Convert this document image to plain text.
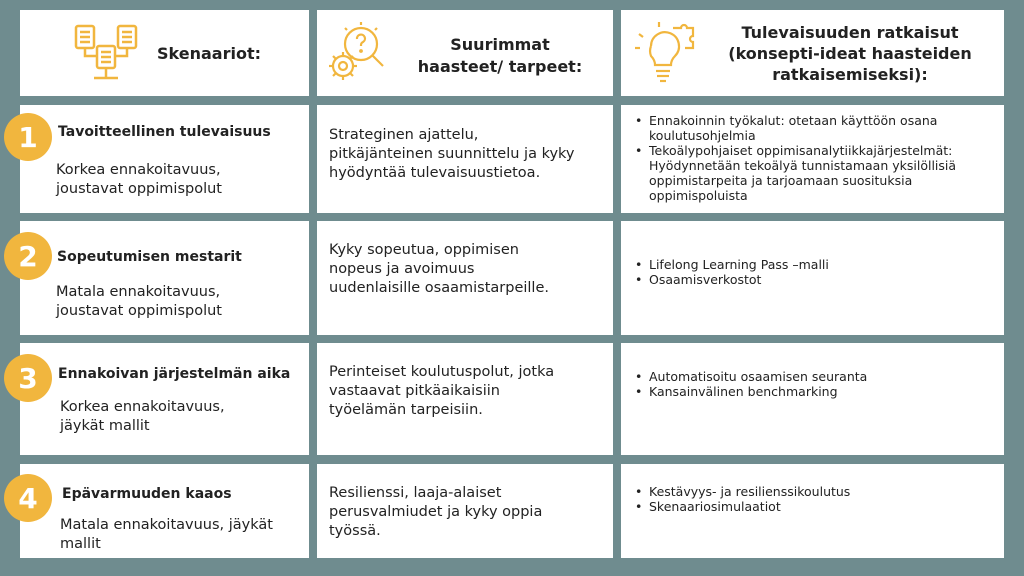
Skenaariot:	Suurimmat
haasteet/ tarpeet:
Tulevaisuuden ratkaisut
(konsepti-ideat haasteiden
ratkaisemiseksi):
Tavoitteellinen tulevaisuus
Korkea ennakoitavuus,
joustavat oppimispolut
Strateginen ajattelu,
pitkäjänteinen suunnittelu ja kyky
hyödyntää tulevaisuustietoa.
• Ennakoinnin työkalut: otetaan käyttöön osana
koulutusohjelmia
• Tekoälypohjaiset oppimisanalytiikkajärjestelmät:
Hyödynnetään tekoälyä tunnistamaan yksilöllisiä
oppimistarpeita ja tarjoamaan suosituksia
oppimispoluista
1
Sopeutumisen mestarit
Matala ennakoitavuus,
joustavat oppimispolut
Kyky sopeutua, oppimisen
nopeus ja avoimuus
uudenlaisille osaamistarpeille.
• Lifelong Learning Pass –malli
• Osaamisverkostot
2
Ennakoivan järjestelmän aika
Korkea ennakoitavuus,
jäykät mallit
Perinteiset koulutuspolut, jotka
vastaavat pitkäaikaisiin
työelämän tarpeisiin.
• Automatisoitu osaamisen seuranta
• Kansainvälinen benchmarking
3
Epävarmuuden kaaos
Matala ennakoitavuus, jäykät
mallit
Resilienssi, laaja-alaiset
perusvalmiudet ja kyky oppia
työssä.
• Kestävyys- ja resilienssikoulutus
• Skenaariosimulaatiot
4
